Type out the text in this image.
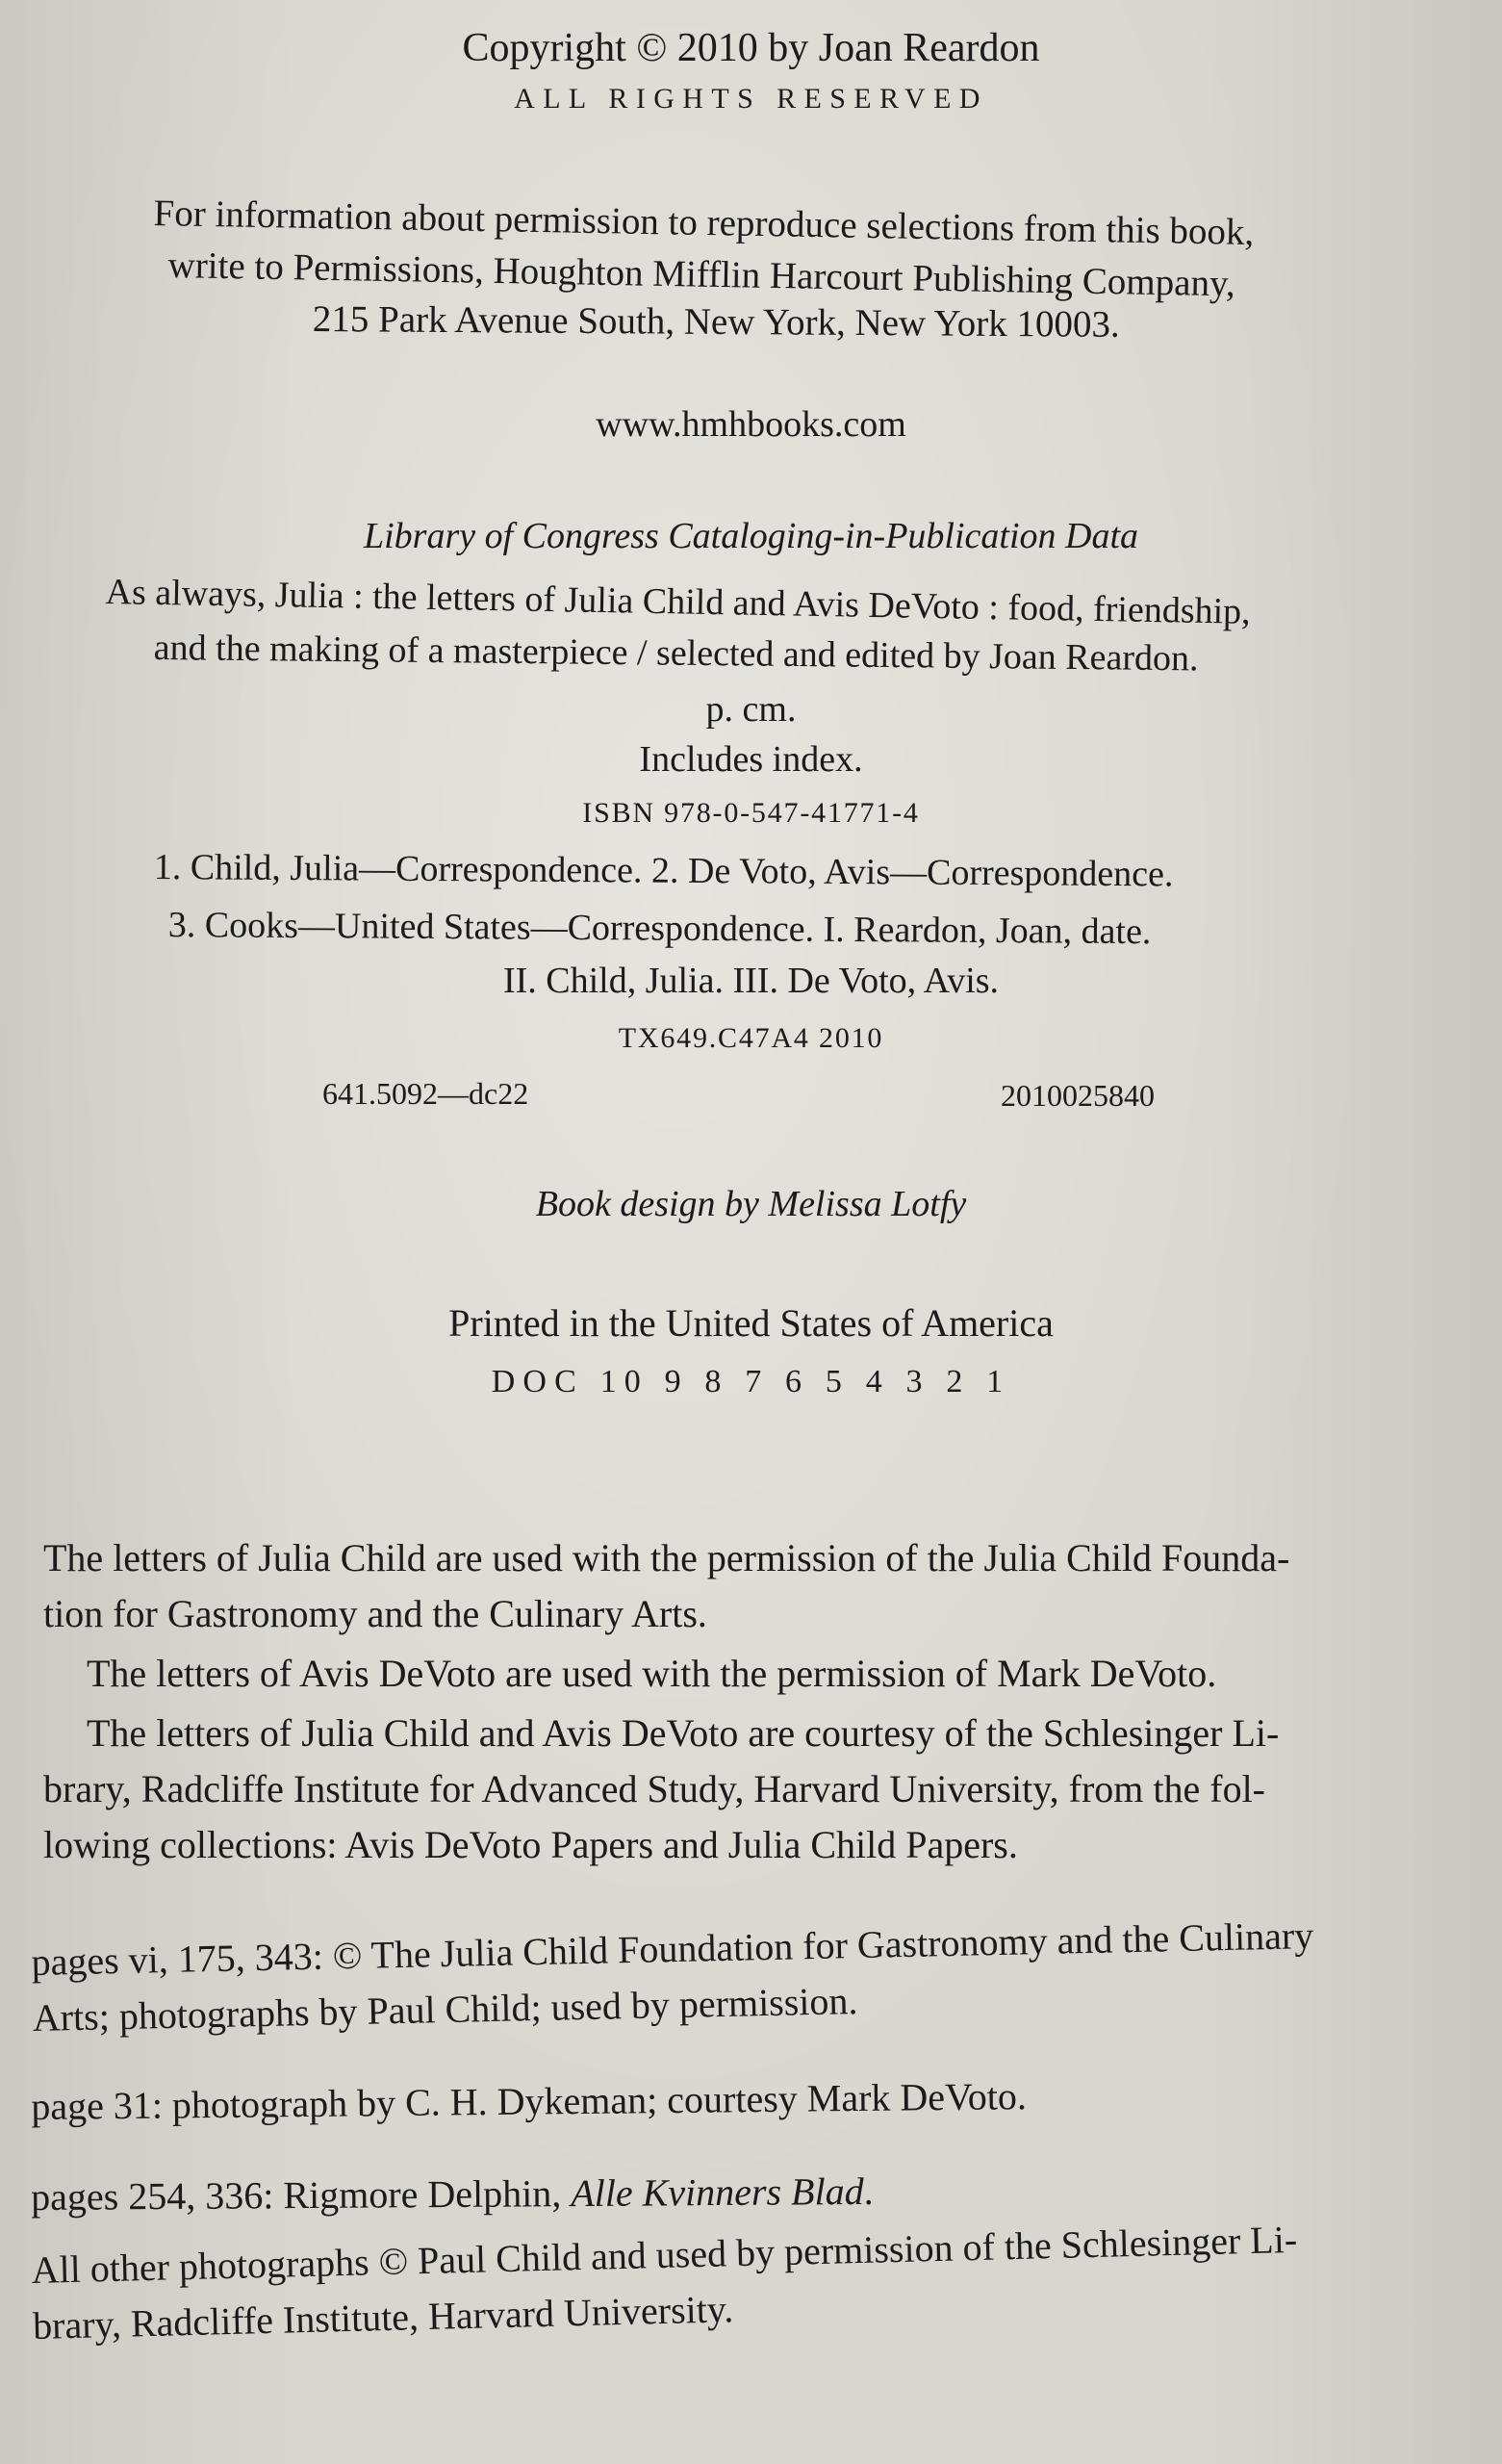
Copyright © 2010 by Joan Reardon
ALL RIGHTS RESERVED
For information about permission to reproduce selections from this book,
write to Permissions, Houghton Mifflin Harcourt Publishing Company,
215 Park Avenue South, New York, New York 10003.
www.hmhbooks.com
Library of Congress Cataloging-in-Publication Data
As always, Julia : the letters of Julia Child and Avis DeVoto : food, friendship,
and the making of a masterpiece / selected and edited by Joan Reardon.
p. cm.
Includes index.
ISBN 978-0-547-41771-4
1. Child, Julia—Correspondence. 2. De Voto, Avis—Correspondence.
3. Cooks—United States—Correspondence. I. Reardon, Joan, date.
II. Child, Julia. III. De Voto, Avis.
TX649.C47A4 2010
641.5092—dc22	2010025840
Book design by Melissa Lotfy
Printed in the United States of America
DOC 10 9 8 7 6 5 4 3 2 1
The letters of Julia Child are used with the permission of the Julia Child Founda-
tion for Gastronomy and the Culinary Arts.
The letters of Avis DeVoto are used with the permission of Mark DeVoto.
The letters of Julia Child and Avis DeVoto are courtesy of the Schlesinger Li-
brary, Radcliffe Institute for Advanced Study, Harvard University, from the fol-
lowing collections: Avis DeVoto Papers and Julia Child Papers.
pages vi, 175, 343: © The Julia Child Foundation for Gastronomy and the Culinary
Arts; photographs by Paul Child; used by permission.
page 31: photograph by C. H. Dykeman; courtesy Mark DeVoto.
pages 254, 336: Rigmore Delphin, Alle Kvinners Blad.
All other photographs © Paul Child and used by permission of the Schlesinger Li-
brary, Radcliffe Institute, Harvard University.
